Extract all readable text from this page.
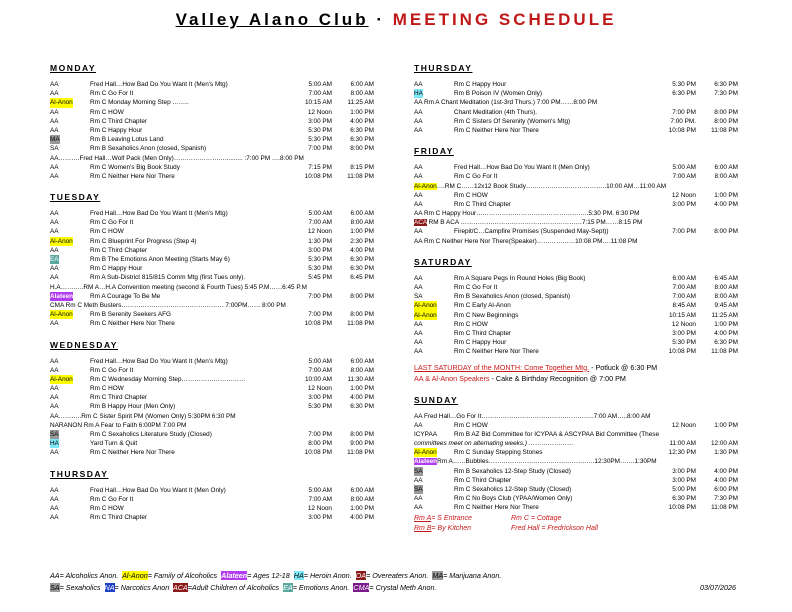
Valley Alano Club · MEETING SCHEDULE
MONDAY
AA	Fred Hall…How Bad Do You Want It (Men's Mtg)	5:00 AM	6:00 AM
AA	Rm C Go For It	7:00 AM	8:00 AM
Al-Anon	Rm C Monday Morning Step ……..	10:15 AM	11:25 AM
AA	Rm C HOW	12 Noon	1:00 PM
AA	Rm C Third Chapter	3:00 PM	4:00 PM
AA	Rm C Happy Hour	5:30 PM	6:30 PM
MA	Rm B Leaving Lotus Land	5:30 PM	6:30 PM
SA	Rm B Sexaholics Anon (closed, Spanish)	7:00 PM	8:00 PM
AA……….Fred Hall…Wolf Pack (Men Only)…………………….......... :7:00 PM ….8:00 PM
AA	Rm C Women's Big Book Study	7:15 PM	8:15 PM
AA	Rm C Neither Here Nor There	10:08 PM	11:08 PM
TUESDAY
AA	Fred Hall…How Bad Do You Want It (Men's Mtg)	5:00 AM	6:00 AM
AA	Rm C Go For It	7:00 AM	8:00 AM
AA	Rm C HOW	12 Noon	1:00 PM
Al-Anon	Rm C Blueprint For Progress (Step 4)	1:30 PM	2:30 PM
AA	Rm C Third Chapter	3:00 PM	4:00 PM
EA	Rm B The Emotions Anon Meeting (Starts May 6)	5:30 PM	6:30 PM
AA	Rm C Happy Hour	5:30 PM	6:30 PM
AA	Rm A Sub-District 815/815 Comm Mtg (first Tues only).	5:45 PM	6:45 PM
H.A………..RM A…H.A Convention meeting (second & Fourth Tues) 5:45 P.M……6:45 P.M
Alateen	Rm A Courage To Be Me	7:00 PM	8:00 PM
CMA Rm C Meth Busters………………………………………… 7:00PM…… 8:00 PM
Al-Anon	Rm B Serenity Seekers AFG	7:00 PM	8:00 PM
AA	Rm C Neither Here Nor There	10:08 PM	11:08 PM
WEDNESDAY
AA	Fred Hall…How Bad Do You Want It (Men's Mtg)	5:00 AM	6:00 AM
AA	Rm C Go For It	7:00 AM	8:00 AM
Al-Anon	Rm C Wednesday Morning Step…………………………	10:00 AM	11:30 AM
AA	Rm C HOW	12 Noon	1:00 PM
AA	Rm C Third Chapter	3:00 PM	4:00 PM
AA	Rm B Happy Hour (Men Only)	5:30 PM	6:30 PM
AA………..Rm C Sister Spirit PM (Women Only) 5:30PM 6:30 PM
NARANON Rm A Fear to Faith 6:00PM 7:00 PM
SA	Rm C Sexaholics Literature Study (Closed)	7:00 PM	8:00 PM
HA	Yard Turn & Quit	8:00 PM	9:00 PM
AA	Rm C Neither Here Nor There	10:08 PM	11:08 PM
THURSDAY
AA	Fred Hall…How Bad Do You Want It (Men Only)	5:00 AM	6:00 AM
AA	Rm C Go For It	7:00 AM	8:00 AM
AA	Rm C HOW	12 Noon	1:00 PM
AA	Rm C Third Chapter	3:00 PM	4:00 PM
THURSDAY
AA	Rm C Happy Hour	5:30 PM	6:30 PM
HA	Rm B Poison IV (Women Only)	6:30 PM	7:30 PM
AA Rm A Chant Meditation (1st-3rd Thurs.) 7:00 PM……8:00 PM
AA	Chant Meditation (4th Thurs).	7:00 PM	8:00 PM
AA	Rm C Sisters Of Serenity (Women's Mtg)	7:00 PM.	8:00 PM
AA	Rm C Neither Here Nor There	10:08 PM	11:08 PM
FRIDAY
AA	Fred Hall…How Bad Do You Want It (Men Only)	5:00 AM	6:00 AM
AA	Rm C Go For It	7:00 AM	8:00 AM
Al-Anon….RM C……12x12 Book Study………………………………..10:00 AM…11:00 AM
AA	Rm C HOW	12 Noon	1:00 PM
AA	Rm C Third Chapter	3:00 PM	4:00 PM
AA Rm C Happy Hour……………………………………………..5:30 PM. 6:30 PM
ACA RM B ACA …………………………………………………7:15 PM……8:15 PM
AA	Firepit/C…Campfire Promises (Suspended May-Sept))	7:00 PM	8:00 PM
AA Rm C Neither Here Nor There(Speaker)………………10:08 PM….11:08 PM
SATURDAY
AA	Rm A Square Pegs In Round Holes (Big Book)	6:00 AM	6:45 AM
AA	Rm C Go For It	7:00 AM	8:00 AM
SA	Rm B Sexaholics Anon (closed, Spanish)	7:00 AM	8:00 AM
Al-Anon	Rm C Early Al-Anon	8:45 AM	9:45 AM
Al-Anon	Rm C New Beginnings	10:15 AM	11:25 AM
AA	Rm C HOW	12 Noon	1:00 PM
AA	Rm C Third Chapter	3:00 PM	4:00 PM
AA	Rm C Happy Hour	5:30 PM	6:30 PM
AA	Rm C Neither Here Nor There	10:08 PM	11:08 PM
LAST SATURDAY of the MONTH: Come Together Mtg. - Potluck @ 6:30 PM
AA & Al-Anon Speakers - Cake & Birthday Recognition @ 7:00 PM
SUNDAY
AA Fred Hall…Go For It……………………………………………..7:00 AM…..8:00 AM
AA	Rm C HOW	12 Noon	1:00 PM
ICYPAA	Rm B AZ Bid Committee for ICYPAA & ASCYPAA Bid Committee (These
committees meet on alternating weeks.) …………………	11:00 AM	12:00 AM
Al-Anon	Rm C Sunday Stepping Stones	12:30 PM	1:30 PM
AlateenRm A……Bubbles…………………………………………..12:30PM…….1:30PM
SA	Rm B Sexaholics 12-Step Study (Closed)	3:00 PM	4:00 PM
AA	Rm C Third Chapter	3:00 PM	4:00 PM
SA	Rm C Sexaholics 12-Step Study (Closed)	5:00 PM	6:00 PM
AA	Rm C No Boys Club (YPAA/Women Only)	6:30 PM	7:30 PM
AA	Rm C Neither Here Nor There	10:08 PM	11:08 PM
Rm A= S Entrance	Rm C = Cottage
Rm B= By Kitchen	Fred Hall = Fredrickson Hall
AA= Alcoholics Anon.  Al-Anon= Family of Alcoholics  Alateen= Ages 12-18  HA= Heroin Anon.  OA= Overeaters Anon.  MA= Marijuana Anon.
SA= Sexaholics  NA= Narcotics Anon  ACA=Adult Children of Alcoholics  EA= Emotions Anon.  CMA= Crystal Meth Anon.	03/07/2026
